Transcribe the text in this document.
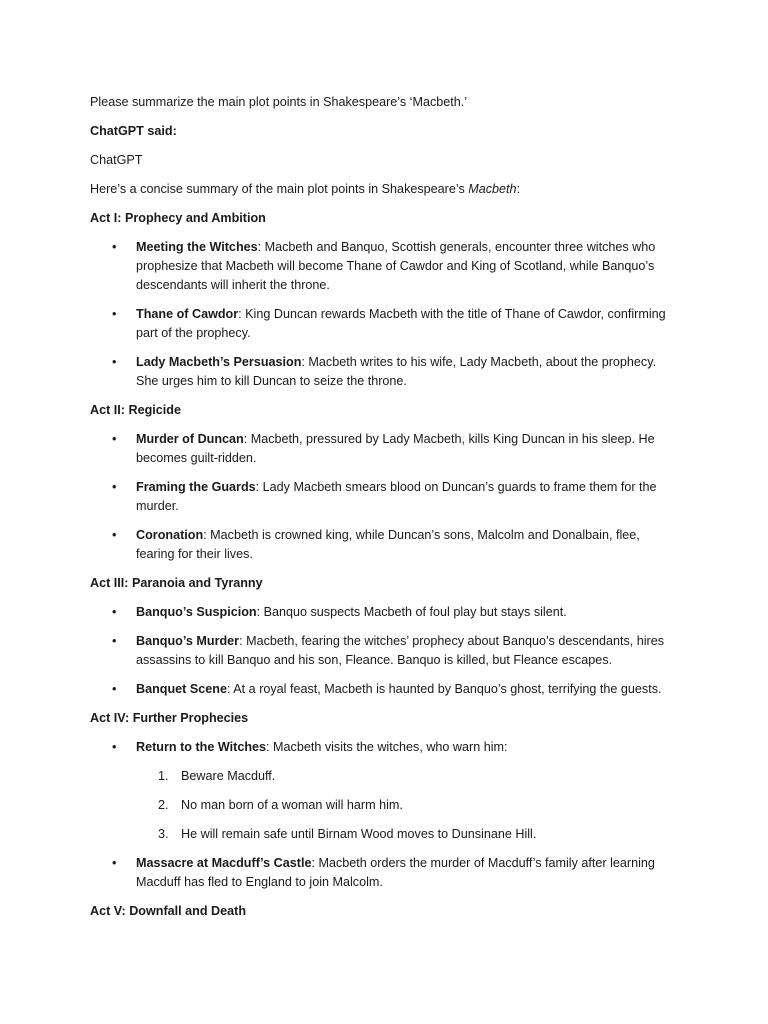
Please summarize the main plot points in Shakespeare’s ‘Macbeth.’

ChatGPT said:

ChatGPT

Here’s a concise summary of the main plot points in Shakespeare’s Macbeth:

Act I: Prophecy and Ambition

• Meeting the Witches: Macbeth and Banquo, Scottish generals, encounter three witches who prophesize that Macbeth will become Thane of Cawdor and King of Scotland, while Banquo’s descendants will inherit the throne.
• Thane of Cawdor: King Duncan rewards Macbeth with the title of Thane of Cawdor, confirming part of the prophecy.
• Lady Macbeth’s Persuasion: Macbeth writes to his wife, Lady Macbeth, about the prophecy. She urges him to kill Duncan to seize the throne.

Act II: Regicide

• Murder of Duncan: Macbeth, pressured by Lady Macbeth, kills King Duncan in his sleep. He becomes guilt-ridden.
• Framing the Guards: Lady Macbeth smears blood on Duncan’s guards to frame them for the murder.
• Coronation: Macbeth is crowned king, while Duncan’s sons, Malcolm and Donalbain, flee, fearing for their lives.

Act III: Paranoia and Tyranny

• Banquo’s Suspicion: Banquo suspects Macbeth of foul play but stays silent.
• Banquo’s Murder: Macbeth, fearing the witches’ prophecy about Banquo’s descendants, hires assassins to kill Banquo and his son, Fleance. Banquo is killed, but Fleance escapes.
• Banquet Scene: At a royal feast, Macbeth is haunted by Banquo’s ghost, terrifying the guests.

Act IV: Further Prophecies

• Return to the Witches: Macbeth visits the witches, who warn him:
1. Beware Macduff.
2. No man born of a woman will harm him.
3. He will remain safe until Birnam Wood moves to Dunsinane Hill.
• Massacre at Macduff’s Castle: Macbeth orders the murder of Macduff’s family after learning Macduff has fled to England to join Malcolm.

Act V: Downfall and Death
